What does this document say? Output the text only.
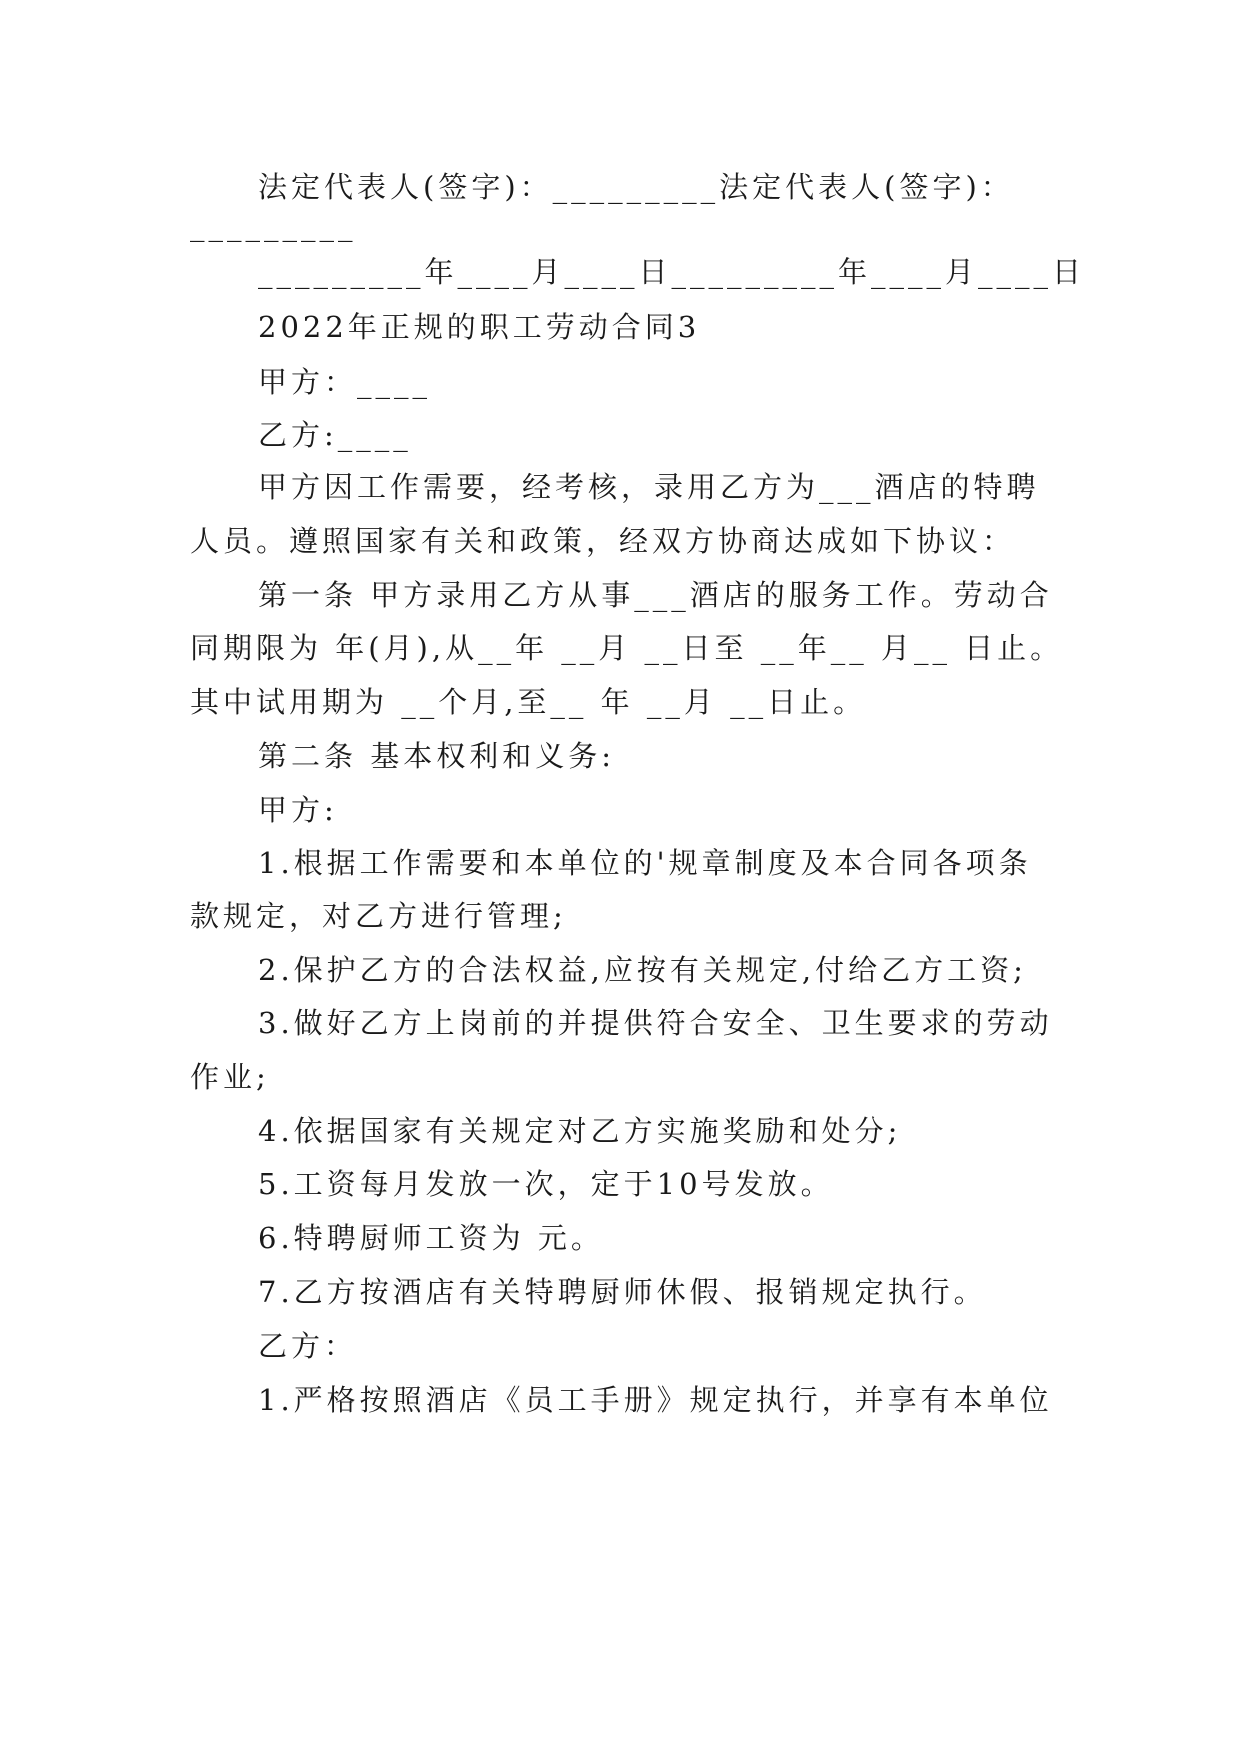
法定代表人(签字)：_________法定代表人(签字)：
_________
_________年____月____日_________年____月____日
2022年正规的职工劳动合同3
甲方：____
乙方:____
甲方因工作需要，经考核，录用乙方为___酒店的特聘
人员。遵照国家有关和政策，经双方协商达成如下协议：
第一条 甲方录用乙方从事___酒店的服务工作。劳动合
同期限为 年(月),从__年 __月 __日至 __年__ 月__ 日止。
其中试用期为 __个月,至__ 年 __月 __日止。
第二条 基本权利和义务:
甲方:
1.根据工作需要和本单位的'规章制度及本合同各项条
款规定，对乙方进行管理;
2.保护乙方的合法权益,应按有关规定,付给乙方工资;
3.做好乙方上岗前的并提供符合安全、卫生要求的劳动
作业;
4.依据国家有关规定对乙方实施奖励和处分;
5.工资每月发放一次，定于10号发放。
6.特聘厨师工资为 元。
7.乙方按酒店有关特聘厨师休假、报销规定执行。
乙方：
1.严格按照酒店《员工手册》规定执行，并享有本单位
